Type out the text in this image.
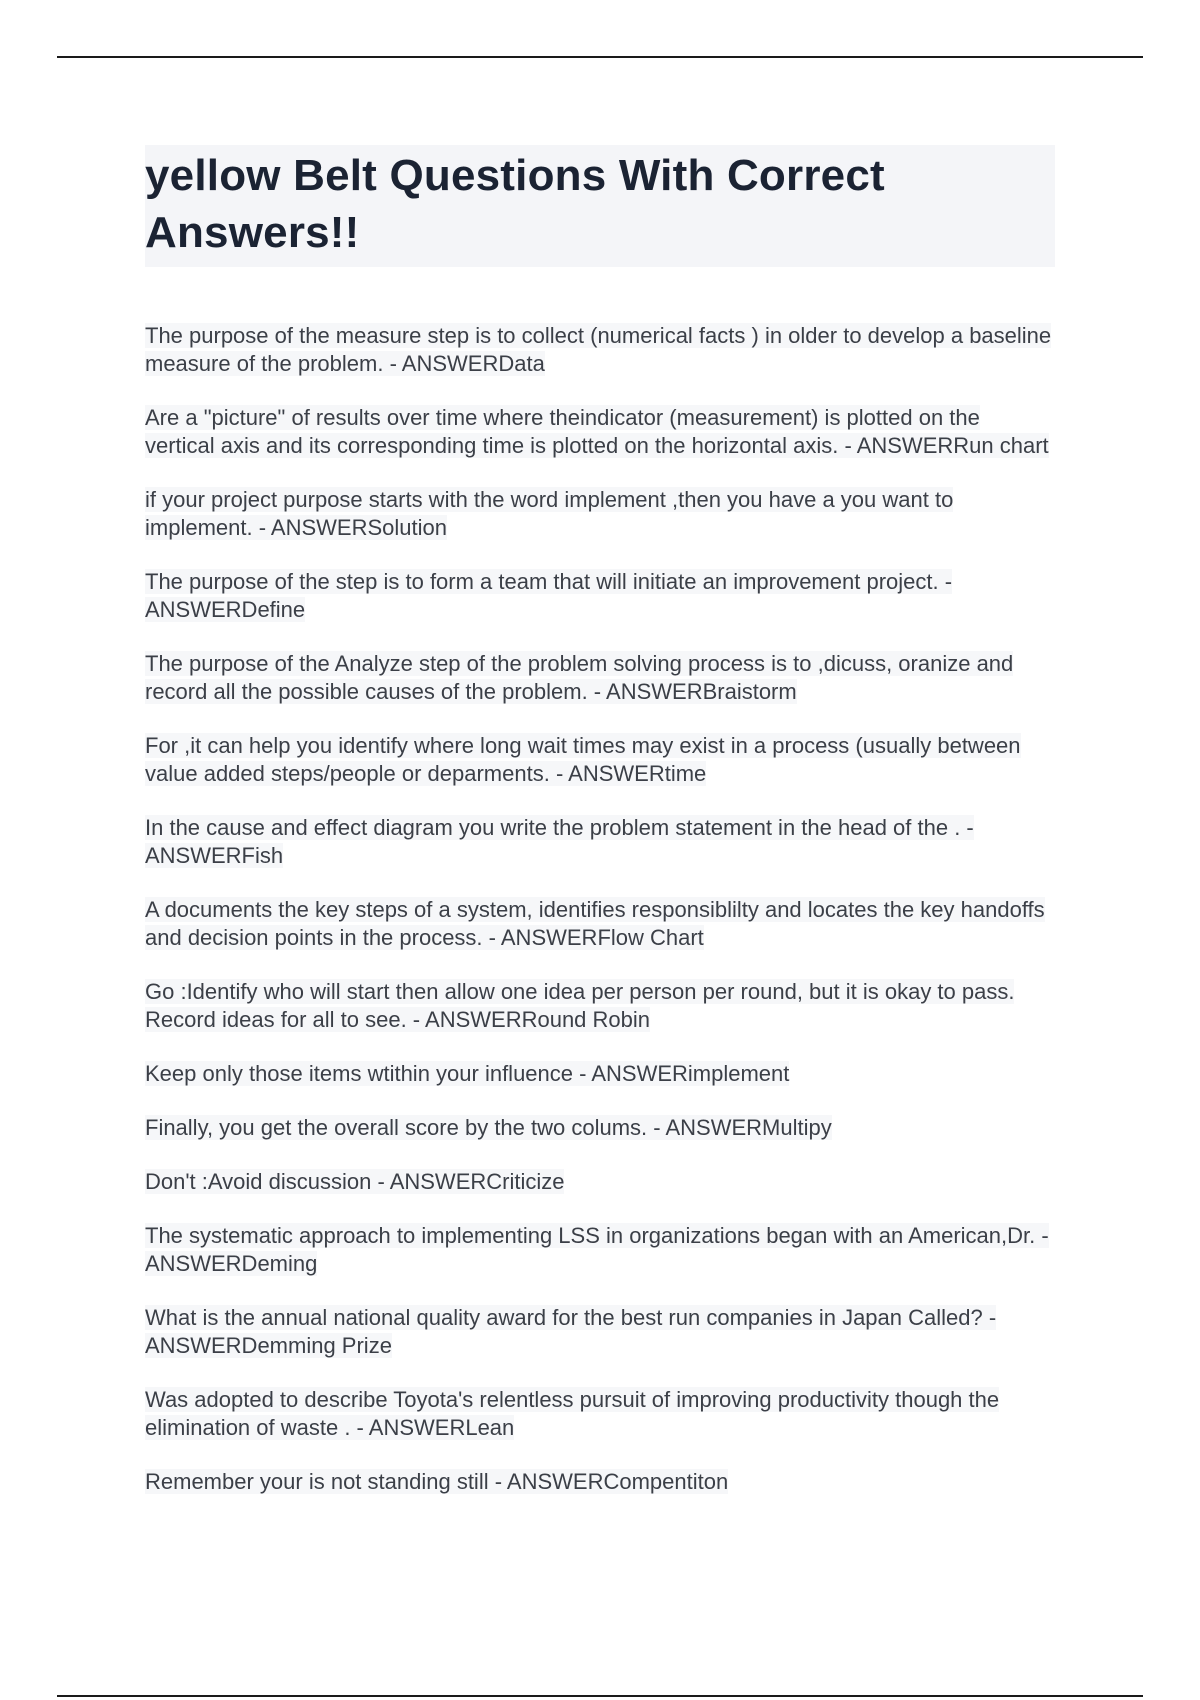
yellow Belt Questions With Correct Answers!!
The purpose of the measure step is to collect (numerical facts ) in older to develop a baseline measure of the problem. - ANSWERData
Are a "picture" of results over time where theindicator (measurement) is plotted on the vertical axis and its corresponding time is plotted on the horizontal axis. - ANSWERRun chart
if your project purpose starts with the word implement ,then you have a you want to implement. - ANSWERSolution
The purpose of the step is to form a team that will initiate an improvement project. - ANSWERDefine
The purpose of the Analyze step of the problem solving process is to ,dicuss, oranize and record all the possible causes of the problem. - ANSWERBraistorm
For ,it can help you identify where long wait times may exist in a process (usually between value added steps/people or deparments. - ANSWERtime
In the cause and effect diagram you write the problem statement in the head of the . - ANSWERFish
A documents the key steps of a system, identifies responsiblilty and locates the key handoffs and decision points in the process. - ANSWERFlow Chart
Go :Identify who will start then allow one idea per person per round, but it is okay to pass. Record ideas for all to see. - ANSWERRound Robin
Keep only those items wtithin your influence - ANSWERimplement
Finally, you get the overall score by the two colums. - ANSWERMultipy
Don't :Avoid discussion - ANSWERCriticize
The systematic approach to implementing LSS in organizations began with an American,Dr. - ANSWERDeming
What is the annual national quality award for the best run companies in Japan Called? - ANSWERDemming Prize
Was adopted to describe Toyota's relentless pursuit of improving productivity though the elimination of waste . - ANSWERLean
Remember your is not standing still - ANSWERCompentiton
